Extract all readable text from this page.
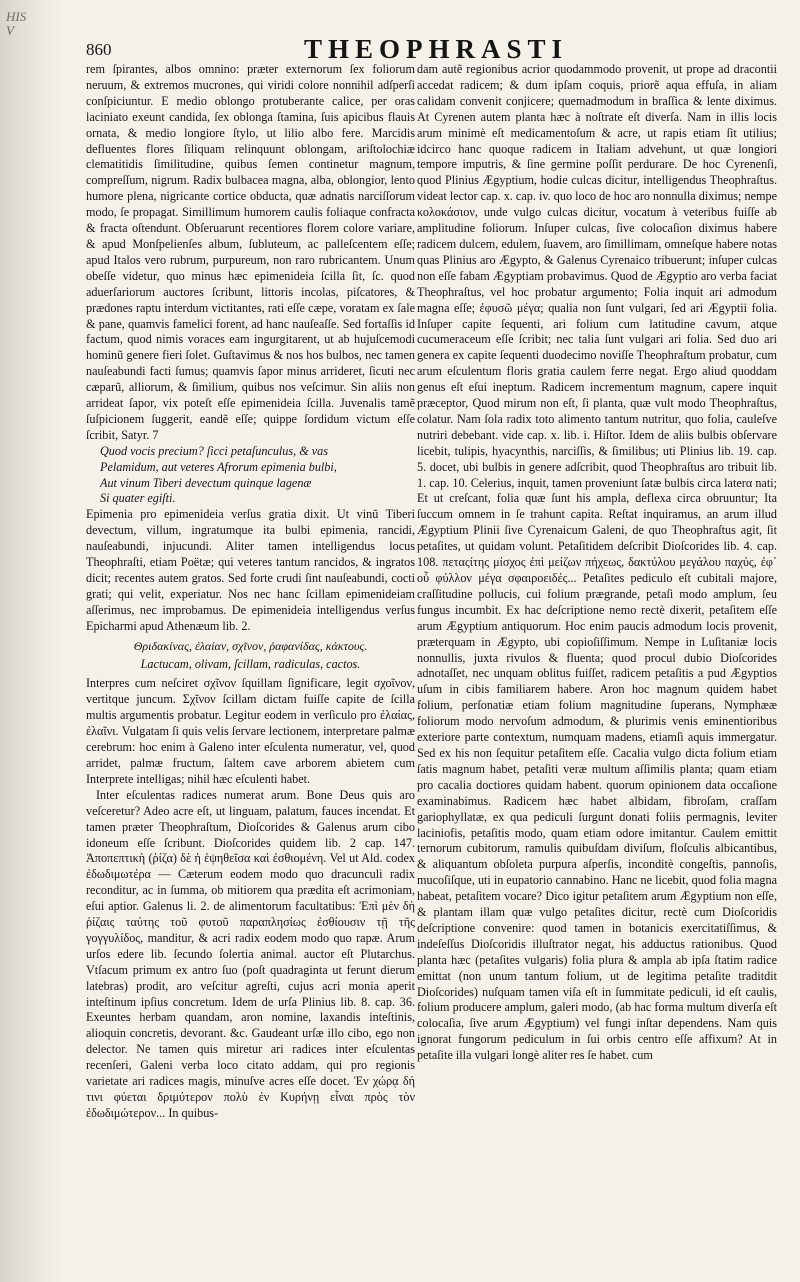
HIS
V
860	THEOPHRASTI

rem ſpirantes, albos omnino: præter externorum ſex foliorum neruum, & extremos mucrones, qui viridi colore nonnihil adſperſi conſpiciuntur. E medio oblongo protuberante calice, per oras laciniato exeunt candida, ſex oblonga ſtamina, ſuis apicibus flauis ornata, & medio longiore ſtylo, ut lilio albo fere. Marcidis defluentes flores ſiliquam relinquunt oblongam, ariſtolochiæ clematitidis ſimilitudine, quibus ſemen continetur magnum, compreſſum, nigrum. Radix bulbacea magna, alba, oblongior, lento humore plena, nigricante cortice obducta, quæ adnatis narciſſorum modo, ſe propagat. Simillimum humorem caulis foliaque confracta & fracta oſtendunt. Obſeruarunt recentiores florem colore variare, & apud Monſpelienſes album, ſubluteum, ac palleſcentem eſſe; apud Italos vero rubrum, purpureum, non raro rubricantem. Unum obeſſe videtur, quo minus hæc epimenideia ſcilla ſit, ſc. quod aduerſariorum auctores ſcribunt, littoris incolas, piſcatores, & prædones raptu interdum victitantes, rati eſſe cæpe, voratam ex ſale & pane, quamvis famelici forent, ad hanc nauſeaſſe. Sed fortaſſis id factum, quod nimis voraces eam ingurgitarent, ut ab hujuſcemodi hominũ genere fieri ſolet. Guſtavimus & nos hos bulbos, nec tamen nauſeabundi facti ſumus; quamvis ſapor minus arrideret, ſicuti nec cæparũ, alliorum, & ſimilium, quibus nos veſcimur. Sin aliis non arrideat ſapor, vix poteſt eſſe epimenideia ſcilla. Juvenalis tamẽ ſuſpicionem ſuggerit, eandẽ eſſe; quippe ſordidum victum eſſe ſcribit, Satyr. 7

Quod vocis precium? ſicci petaſunculus, & vas
Pelamidum, aut veteres Afrorum epimenia bulbi,
Aut vinum Tiberi devectum quinque lagenæ
Si quater egiſti.

Epimenia pro epimenideia verſus gratia dixit. Ut vinũ Tiberi devectum, villum, ingratumque ita bulbi epimenia, rancidi, nauſeabundi, injucundi. Aliter tamen intelligendus locus Theophraſti, etiam Poëtæ; qui veteres tantum rancidos, & ingratos dicit; recentes autem gratos. Sed forte crudi ſint nauſeabundi, cocti grati; qui velit, experiatur. Nos nec hanc ſcillam epimenideiam aſſerimus, nec improbamus. De epimenideia intelligendus verſus Epicharmi apud Athenæum lib. 2.

Θριδακίνας, ἐλαίαν, σχῖνον, ῥαφανίδας, κάκτους.
Lactucam, olivam, ſcillam, radiculas, cactos.

Interpres cum neſciret σχῖνον ſquillam ſignificare, legit σχοῖνον, vertitque juncum. Σχῖνον ſcillam dictam fuiſſe capite de ſcilla multis argumentis probatur. Legitur eodem in verſiculo pro ἐλαίας, ἐλαῖνι. Vulgatam ſi quis velis ſervare lectionem, interpretare palmæ cerebrum: hoc enim à Galeno inter eſculenta numeratur, vel, quod arridet, palmæ fructum, ſaltem cave arborem abietem cum Interprete intelligas; nihil hæc eſculenti habet.

Inter eſculentas radices numerat arum. Bone Deus quis aro veſceretur? Adeo acre eſt, ut linguam, palatum, fauces incendat. Et tamen præter Theophraſtum, Dioſcorides & Galenus arum cibo idoneum eſſe ſcribunt. Dioſcorides quidem lib. 2 cap. 147. Ἀποπεπτικὴ (ῥίζα) δὲ ἡ ἑψηθεῖσα καὶ ἐσθιομένη. Vel ut Ald. codex ἐδωδιμωτέρα — Cæterum eodem modo quo dracunculi radix reconditur, ac in ſumma, ob mitiorem qua prædita eſt acrimoniam, eſui aptior. Galenus li. 2. de alimentorum facultatibus: Ἐπὶ μὲν δὴ ῥίζαις ταύτης τοῦ φυτοῦ παραπλησίως ἐσθίουσιν τῇ τῆς γογγυλίδος, manditur, & acri radix eodem modo quo rapæ. Arum urſos edere lib. ſecundo ſolertia animal. auctor eſt Plutarchus. Vtſacum primum ex antro ſuo (poſt quadraginta ut ferunt dierum latebras) prodit, aro veſcitur agreſti, cujus acri monia aperit inteſtinum ipſius concretum. Idem de urſa Plinius lib. 8. cap. 36. Exeuntes herbam quandam, aron nomine, laxandis inteſtinis, alioquin concretis, devorant. &c. Gaudeant urſæ illo cibo, ego non delector. Ne tamen quis miretur ari radices inter eſculentas recenſeri, Galeni verba loco citato addam, qui pro regionis varietate ari radices magis, minuſve acres eſſe docet. Ἐν χώρᾳ δή τινι φύεται δριμύτερον πολὺ ἐν Κυρήνῃ εἶναι πρὸς τὸν ἐδωδιμώτερον... In quibus-

dam autẽ regionibus acrior quodammodo provenit, ut prope ad dracontii accedat radicem; & dum ipſam coquis, priorẽ aqua effuſa, in aliam calidam convenit conjicere; quemadmodum in braſſica & lente diximus. At Cyrenen autem planta hæc à noſtrate eſt diverſa. Nam in illis locis arum minimè eſt medicamentoſum & acre, ut rapis etiam ſit utilius; idcirco hanc quoque radicem in Italiam advehunt, ut quæ longiori tempore imputris, & ſine germine poſſit perdurare. De hoc Cyrenenſi, quod Plinius Ægyptium, hodie culcas dicitur, intelligendus Theophraſtus. videat lector cap. x. cap. iv. quo loco de hoc aro nonnulla diximus; nempe κολοκάσιον, unde vulgo culcas dicitur, vocatum à veteribus fuiſſe ab amplitudine foliorum. Inſuper culcas, ſive colocaſion diximus habere radicem dulcem, edulem, ſuavem, aro ſimillimam, omneſque habere notas quas Plinius aro Ægypto, & Galenus Cyrenaico tribuerunt; inſuper culcas non eſſe fabam Ægyptiam probavimus. Quod de Ægyptio aro verba faciat Theophraſtus, vel hoc probatur argumento; Folia inquit ari admodum magna eſſe; ἐφυσῶ μέγα; qualia non ſunt vulgari, ſed ari Ægyptii folia. Inſuper capite ſequenti, ari folium cum latitudine cavum, atque cucumeraceum eſſe ſcribit; nec talia ſunt vulgari ari folia. Sed duo ari genera ex capite ſequenti duodecimo noviſſe Theophraſtum probatur, cum arum eſculentum floris gratia caulem ferre negat. Ergo aliud quoddam genus eſt eſui ineptum. Radicem incrementum magnum, capere inquit præceptor, Quod mirum non eſt, ſi planta, quæ vult modo Theophraſtus, colatur. Nam ſola radix toto alimento tantum nutritur, quo folia, cauleſve nutriri debebant. vide cap. x. lib. i. Hiſtor. Idem de aliis bulbis obſervare licebit, tulipis, hyacynthis, narciſſis, & ſimilibus; uti Plinius lib. 19. cap. 5. docet, ubi bulbis in genere adſcribit, quod Theophraſtus aro tribuit lib. 1. cap. 10. Celerius, inquit, tamen proveniunt ſatæ bulbis circa laterα nati; Et ut creſcant, folia quæ ſunt his ampla, deflexa circa obruuntur; Ita ſuccum omnem in ſe trahunt capita. Reſtat inquiramus, an arum illud Ægyptium Plinii ſive Cyrenaicum Galeni, de quo Theophraſtus agit, ſit petaſites, ut quidam volunt. Petaſitidem deſcribit Dioſcorides lib. 4. cap. 108. πεταςίτης μίσχος ἐπὶ μείζων πήχεως, δακτύλου μεγάλου παχύς, ἐφ᾽ οὗ φύλλον μέγα σφαιροειδές... Petaſites pediculo eſt cubitali majore, craſſitudine pollucis, cui folium prægrande, petaſi modo amplum, ſeu fungus incumbit. Ex hac deſcriptione nemo rectè dixerit, petaſitem eſſe arum Ægyptium antiquorum. Hoc enim paucis admodum locis provenit, præterquam in Ægypto, ubi copioſiſſimum. Nempe in Luſitaniæ locis nonnullis, juxta rivulos & fluenta; quod procul dubio Dioſcorides adnotaſſet, nec unquam oblitus fuiſſet, radicem petaſitis a pud Ægyptios uſum in cibis familiarem habere. Aron hoc magnum quidem habet folium, perſonatiæ etiam folium magnitudine ſuperans, Nymphææ foliorum modo nervoſum admodum, & plurimis venis eminentioribus exteriore parte contextum, numquam madens, etiamſi aquis immergatur. Sed ex his non ſequitur petaſitem eſſe. Cacalia vulgo dicta folium etiam ſatis magnum habet, petaſiti veræ multum aſſimilis planta; quam etiam pro cacalia doctiores quidam habent. quorum opinionem data occaſione examinabimus. Radicem hæc habet albidam, fibroſam, craſſam gariophyllatæ, ex qua pediculi ſurgunt donati foliis permagnis, leviter laciniofis, petaſitis modo, quam etiam odore imitantur. Caulem emittit ternorum cubitorum, ramulis quibuſdam diviſum, floſculis albicantibus, & aliquantum obſoleta purpura aſperſis, inconditè congeſtis, pannoſis, mucoſiſque, uti in eupatorio cannabino. Hanc ne licebit, quod folia magna habeat, petaſitem vocare? Dico igitur petaſitem arum Ægyptium non eſſe, & plantam illam quæ vulgo petaſites dicitur, rectè cum Dioſcoridis deſcriptione convenire: quod tamen in botanicis exercitatiſſimus, & indeſeſſus Dioſcoridis illuſtrator negat, his adductus rationibus. Quod planta hæc (petaſites vulgaris) folia plura & ampla ab ipſa ſtatim radice emittat (non unum tantum folium, ut de legitima petaſite traditdit Dioſcorides) nuſquam tamen viſa eſt in ſummitate pediculi, id eſt caulis, folium producere amplum, galeri modo, (ab hac forma multum diverſa eſt colocaſia, ſive arum Ægyptium) vel fungi inſtar dependens. Nam quis ignorat fungorum pediculum in ſui orbis centro eſſe affixum? At in petaſite illa vulgari longè aliter res ſe habet. cum
